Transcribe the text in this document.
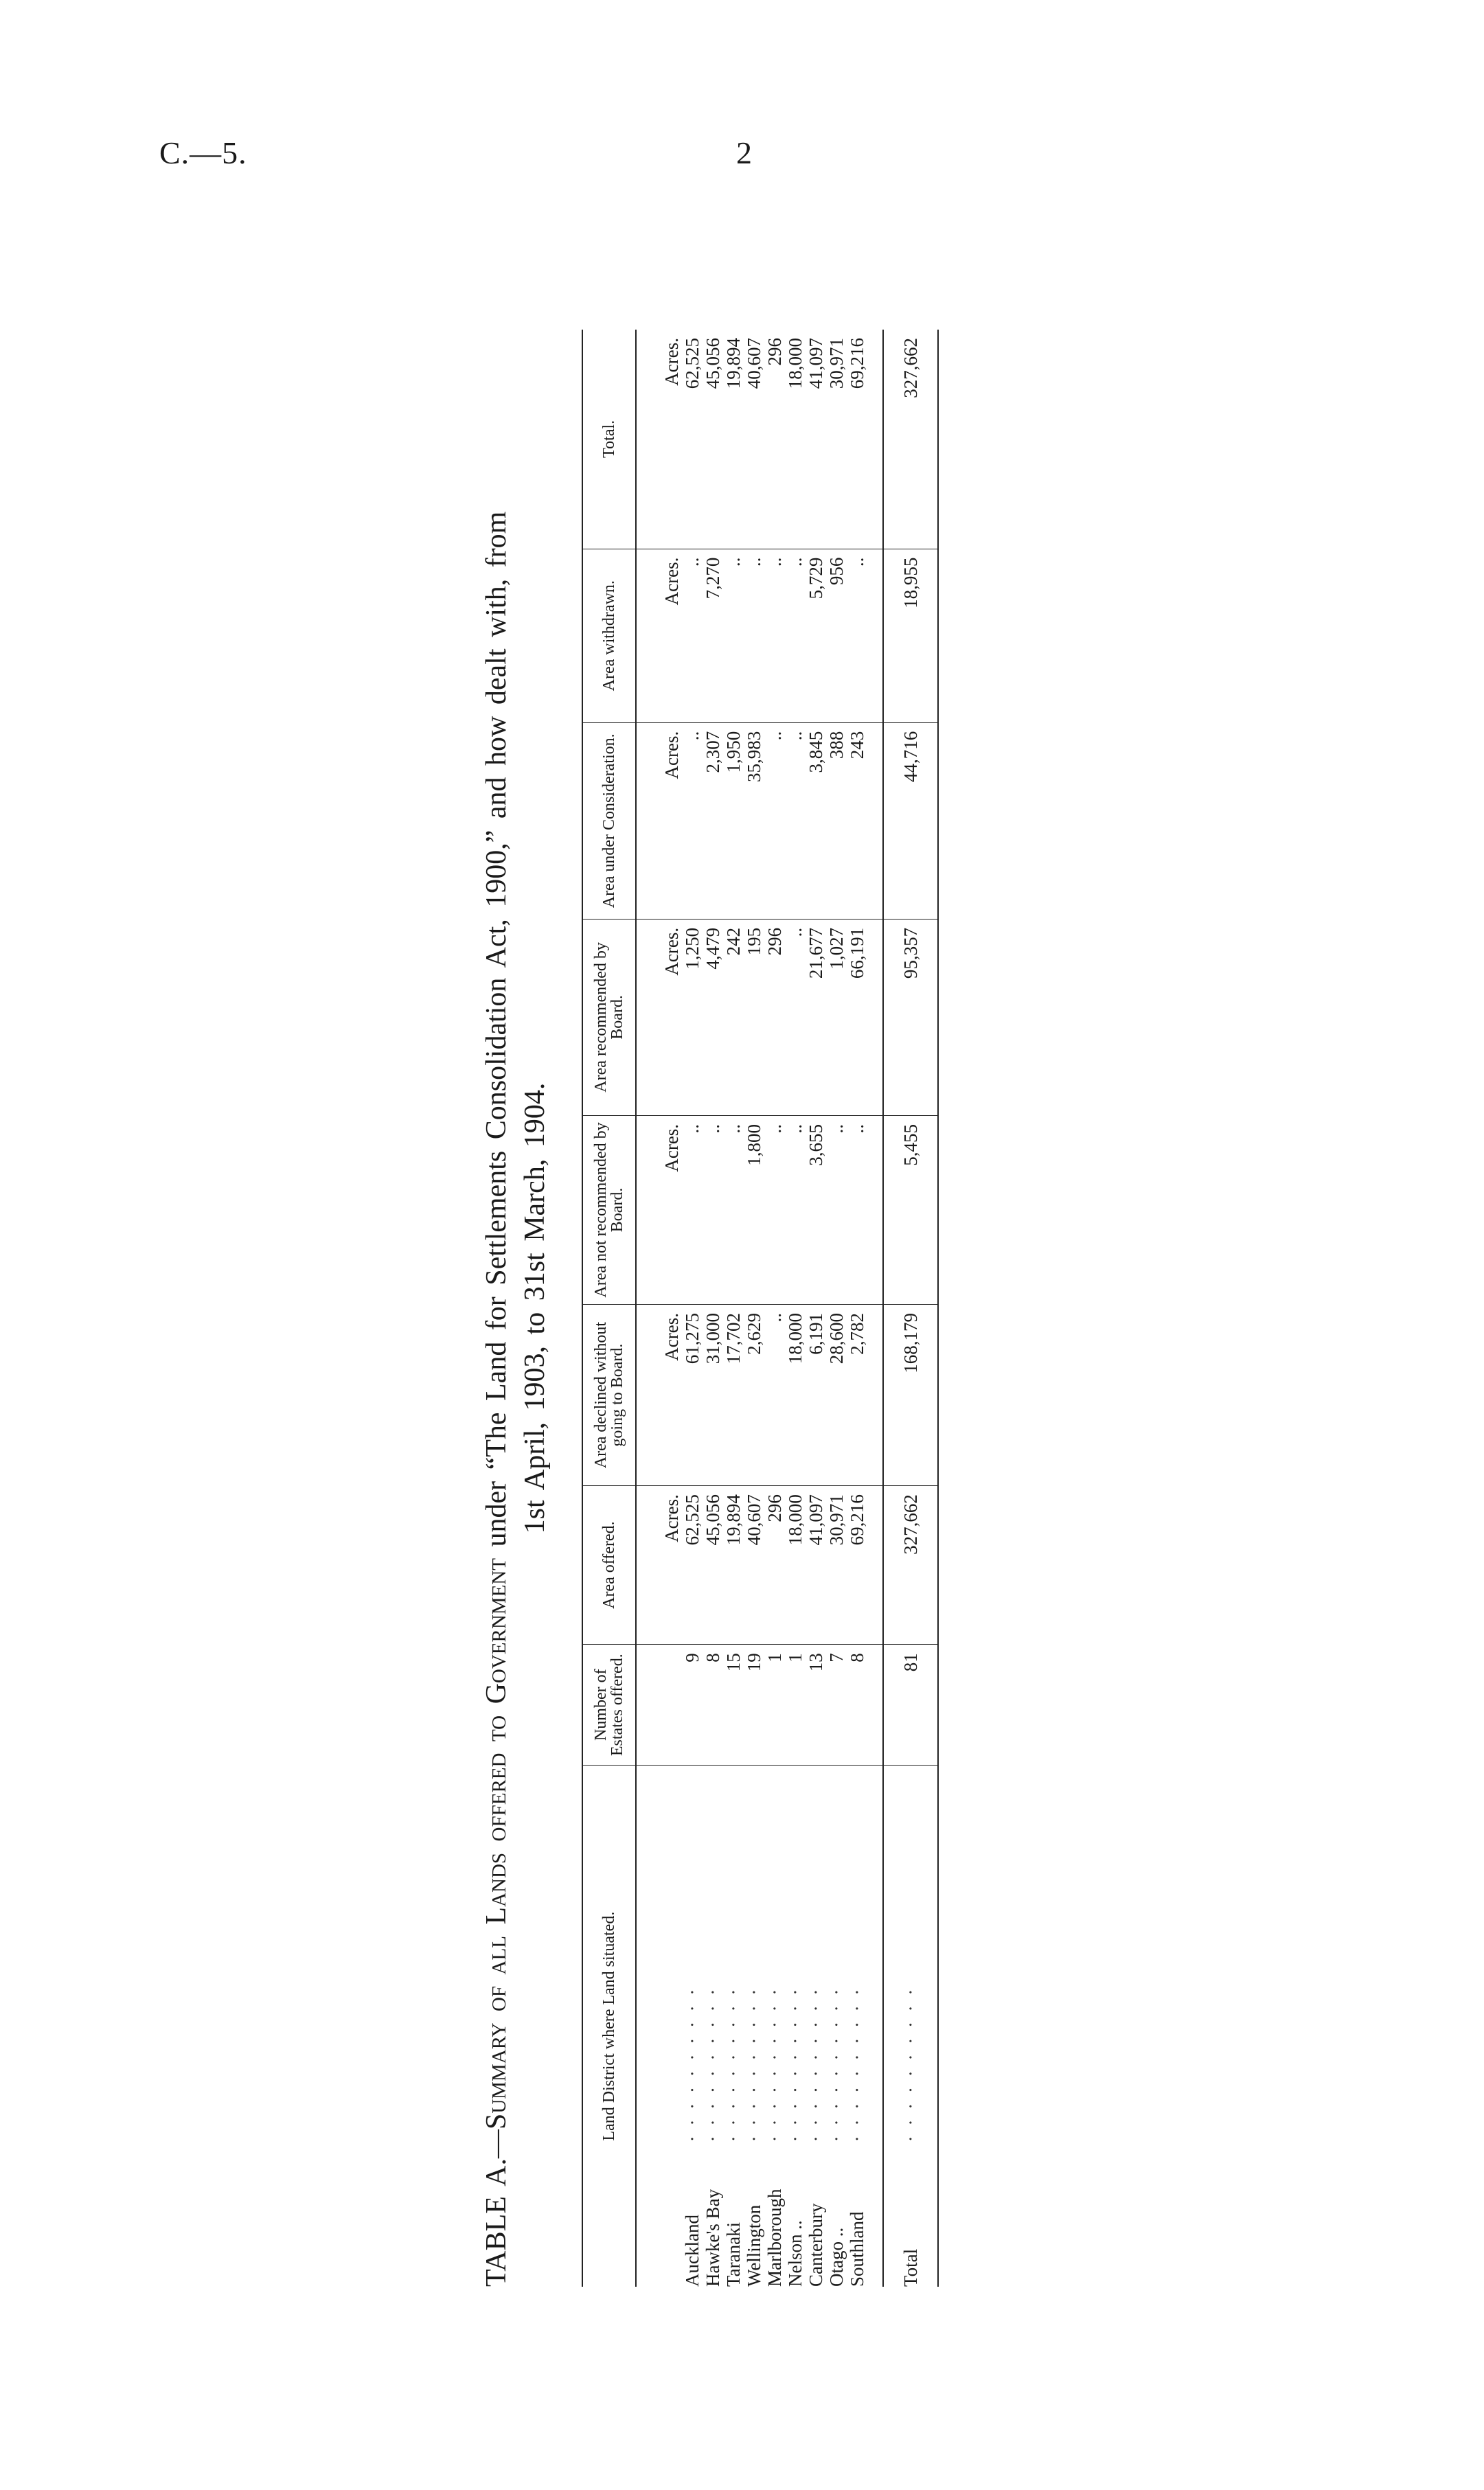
C.—5.	2

TABLE A.—Summary of all Lands offered to Government under “The Land for Settlements Consolidation Act, 1900,” and how dealt with, from 1st April, 1903, to 31st March, 1904.

Land District where Land situated.	Number of Estates offered.	Area offered.	Area declined without going to Board.	Area not recommended by Board.	Area recommended by Board.	Area under Consideration.	Area withdrawn.	Total.
		Acres.	Acres.	Acres.	Acres.	Acres.	Acres.	Acres.
Auckland · · · · · · · · · ·	9	62,525	61,275	..	1,250	..	..	62,525
Hawke's Bay · · · · · · · · · ·	8	45,056	31,000	..	4,479	2,307	7,270	45,056
Taranaki · · · · · · · · · ·	15	19,894	17,702	..	242	1,950	..	19,894
Wellington · · · · · · · · · ·	19	40,607	2,629	1,800	195	35,983	..	40,607
Marlborough · · · · · · · · · ·	1	296	..	..	296	..	..	296
Nelson .. · · · · · · · · · ·	1	18,000	18,000	..	..	..	..	18,000
Canterbury · · · · · · · · · ·	13	41,097	6,191	3,655	21,677	3,845	5,729	41,097
Otago .. · · · · · · · · · ·	7	30,971	28,600	..	1,027	388	956	30,971
Southland · · · · · · · · · ·	8	69,216	2,782	..	66,191	243	..	69,216
Total · · · · · · · · · ·	81	327,662	168,179	5,455	95,357	44,716	18,955	327,662
